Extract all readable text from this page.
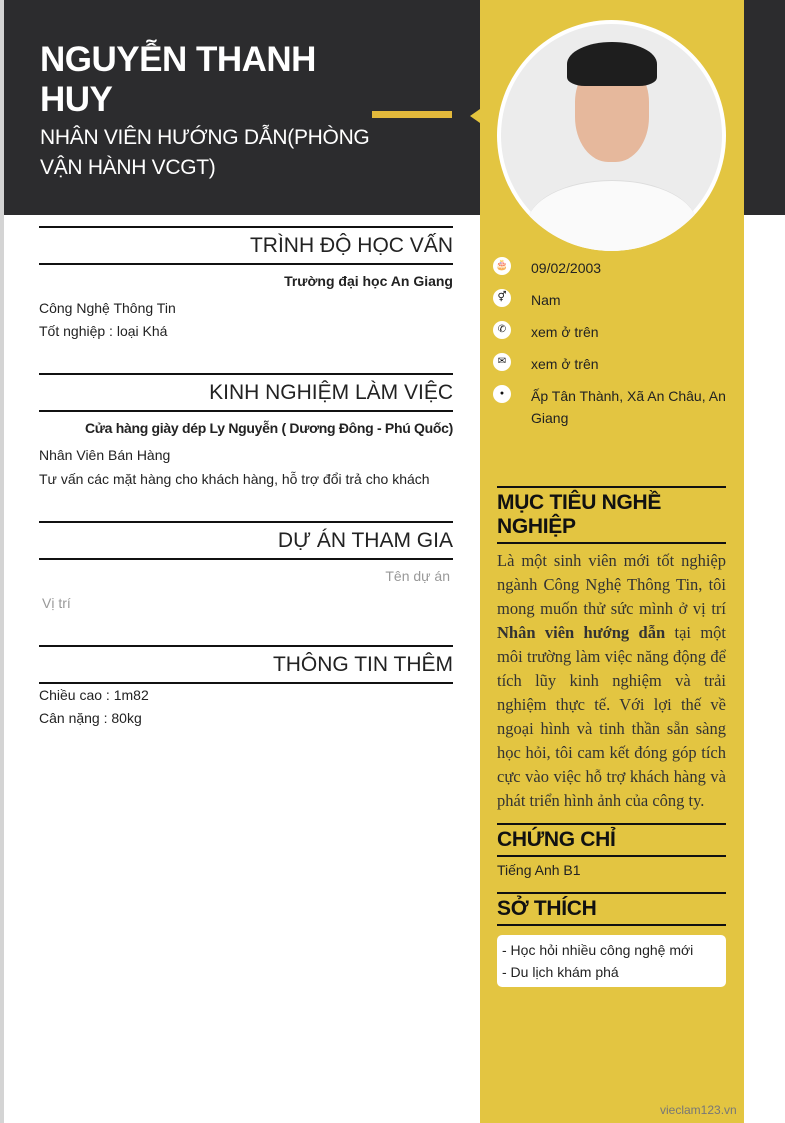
NGUYỄN THANH HUY
NHÂN VIÊN HƯỚNG DẪN(PHÒNG VẬN HÀNH VCGT)
🎂 09/02/2003
⚥	Nam
✆	xem ở trên
✉	xem ở trên
●	Ấp Tân Thành, Xã An Châu, An Giang
MỤC TIÊU NGHỀ NGHIỆP
Là một sinh viên mới tốt nghiệp ngành Công Nghệ Thông Tin, tôi mong muốn thử sức mình ở vị trí Nhân viên hướng dẫn tại một môi trường làm việc năng động để tích lũy kinh nghiệm và trải nghiệm thực tế. Với lợi thế về ngoại hình và tinh thần sẵn sàng học hỏi, tôi cam kết đóng góp tích cực vào việc hỗ trợ khách hàng và phát triển hình ảnh của công ty.
CHỨNG CHỈ
Tiếng Anh B1
SỞ THÍCH
- Học hỏi nhiều công nghệ mới
- Du lịch khám phá
TRÌNH ĐỘ HỌC VẤN
Trường đại học An Giang
Công Nghệ Thông Tin
Tốt nghiệp : loại Khá
KINH NGHIỆM LÀM VIỆC
Cửa hàng giày dép Ly Nguyễn ( Dương Đông - Phú Quốc)
Nhân Viên Bán Hàng
Tư vấn các mặt hàng cho khách hàng, hỗ trợ đổi trả cho khách
DỰ ÁN THAM GIA
Tên dự án
Vị trí
THÔNG TIN THÊM
Chiều cao : 1m82
Cân nặng : 80kg
vieclam123.vn
